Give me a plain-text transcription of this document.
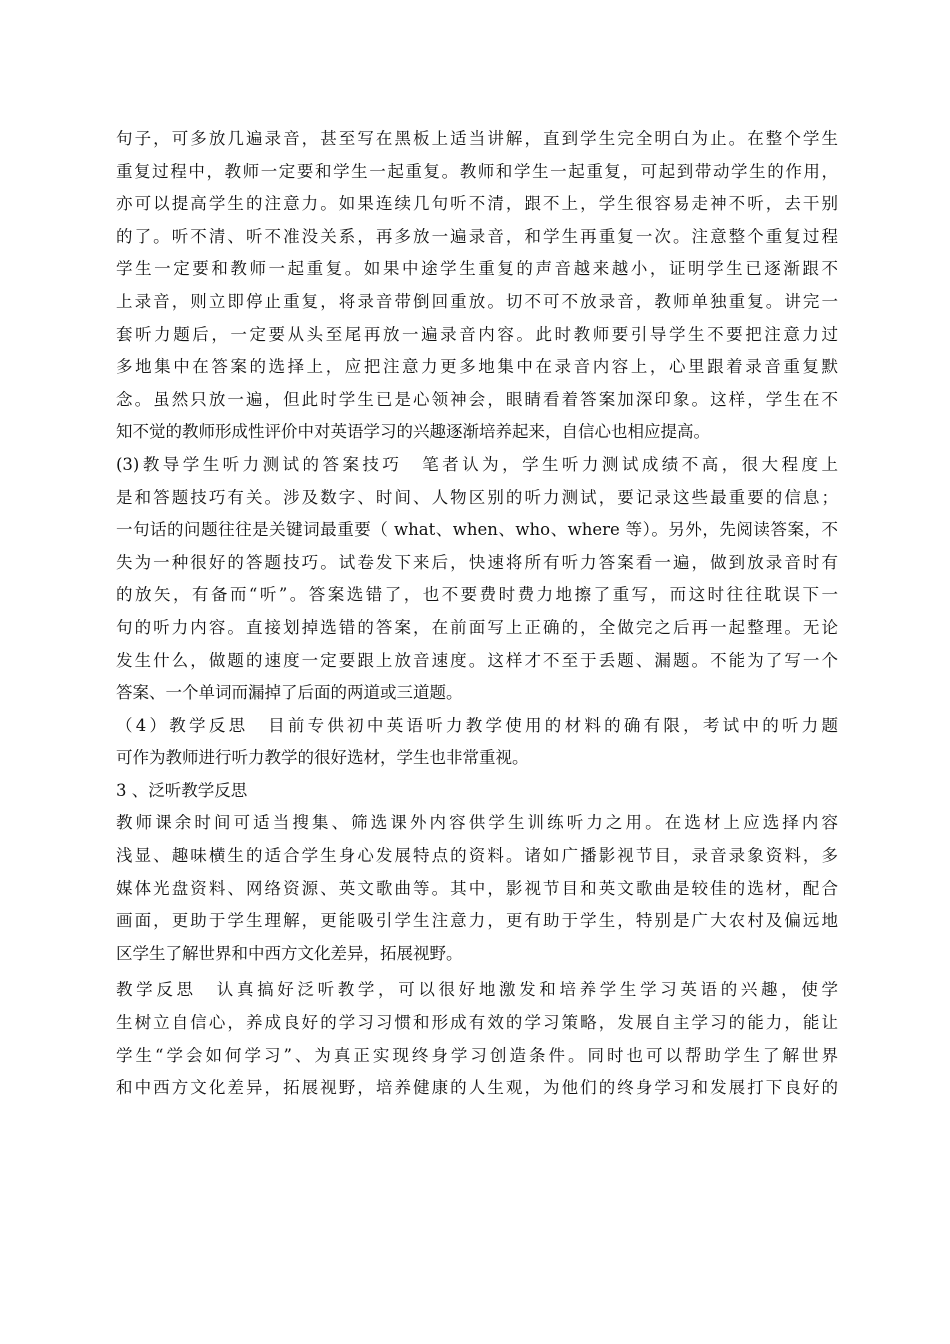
句子，可多放几遍录音，甚至写在黑板上适当讲解，直到学生完全明白为止。在整个学生
重复过程中，教师一定要和学生一起重复。教师和学生一起重复，可起到带动学生的作用，
亦可以提高学生的注意力。如果连续几句听不清，跟不上，学生很容易走神不听，去干别
的了。听不清、听不准没关系，再多放一遍录音，和学生再重复一次。注意整个重复过程
学生一定要和教师一起重复。如果中途学生重复的声音越来越小，证明学生已逐渐跟不
上录音，则立即停止重复，将录音带倒回重放。切不可不放录音，教师单独重复。讲完一
套听力题后，一定要从头至尾再放一遍录音内容。此时教师要引导学生不要把注意力过
多地集中在答案的选择上，应把注意力更多地集中在录音内容上，心里跟着录音重复默
念。虽然只放一遍，但此时学生已是心领神会，眼睛看着答案加深印象。这样，学生在不
知不觉的教师形成性评价中对英语学习的兴趣逐渐培养起来，自信心也相应提高。
(3)教导学生听力测试的答案技巧　笔者认为，学生听力测试成绩不高，很大程度上
是和答题技巧有关。涉及数字、时间、人物区别的听力测试，要记录这些最重要的信息；
一句话的问题往往是关键词最重要（ what、when、who、where 等）。另外，先阅读答案，不
失为一种很好的答题技巧。试卷发下来后，快速将所有听力答案看一遍，做到放录音时有
的放矢，有备而“听”。答案选错了，也不要费时费力地擦了重写，而这时往往耽误下一
句的听力内容。直接划掉选错的答案，在前面写上正确的，全做完之后再一起整理。无论
发生什么，做题的速度一定要跟上放音速度。这样才不至于丢题、漏题。不能为了写一个
答案、一个单词而漏掉了后面的两道或三道题。
（4）教学反思　目前专供初中英语听力教学使用的材料的确有限，考试中的听力题
可作为教师进行听力教学的很好选材，学生也非常重视。
3 、泛听教学反思
教师课余时间可适当搜集、筛选课外内容供学生训练听力之用。在选材上应选择内容
浅显、趣味横生的适合学生身心发展特点的资料。诸如广播影视节目，录音录象资料，多
媒体光盘资料、网络资源、英文歌曲等。其中，影视节目和英文歌曲是较佳的选材，配合
画面，更助于学生理解，更能吸引学生注意力，更有助于学生，特别是广大农村及偏远地
区学生了解世界和中西方文化差异，拓展视野。
教学反思　认真搞好泛听教学，可以很好地激发和培养学生学习英语的兴趣，使学
生树立自信心，养成良好的学习习惯和形成有效的学习策略，发展自主学习的能力，能让
学生“学会如何学习”、为真正实现终身学习创造条件。同时也可以帮助学生了解世界
和中西方文化差异，拓展视野，培养健康的人生观，为他们的终身学习和发展打下良好的
